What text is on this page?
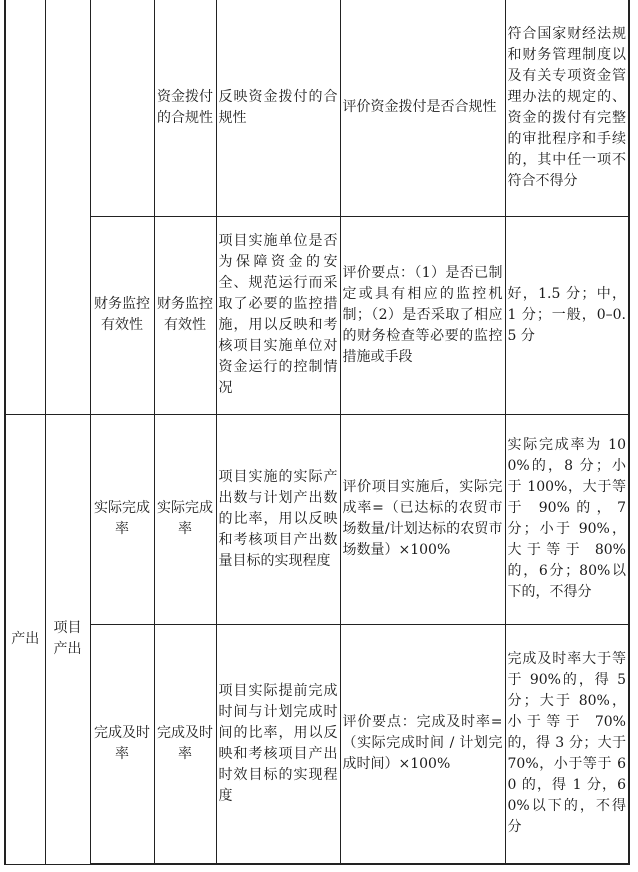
			资金拨付的合规性	反映资金拨付的合规性	评价资金拨付是否合规性	符合国家财经法规和财务管理制度以及有关专项资金管理办法的规定的、资金的拨付有完整的审批程序和手续的，其中任一项不符合不得分
		财务监控有效性	财务监控有效性	项目实施单位是否为保障资金的安全、规范运行而采取了必要的监控措施，用以反映和考核项目实施单位对资金运行的控制情况	评价要点：（1）是否已制定或具有相应的监控机制；（2）是否采取了相应的财务检查等必要的监控措施或手段	好，1.5 分；中，1 分；一般，0–0.5 分
产出	项目产出	实际完成率	实际完成率	项目实施的实际产出数与计划产出数的比率，用以反映和考核项目产出数量目标的实现程度	评价项目实施后，实际完成率=（已达标的农贸市场数量/计划达标的农贸市场数量）×100%	实际完成率为 100%的，8 分；小于 100%，大于等于 90%的，7 分；小于 90%，大于等于 80%的，6分；80%以下的，不得分
		完成及时率	完成及时率	项目实际提前完成时间与计划完成时间的比率，用以反映和考核项目产出时效目标的实现程度	评价要点：完成及时率=（实际完成时间 / 计划完成时间）×100%	完成及时率大于等于 90%的，得 5 分；大于 80%，小于等于 70%的，得 3 分；大于 70%，小于等于 60 的，得 1 分，60%以下的，不得分
